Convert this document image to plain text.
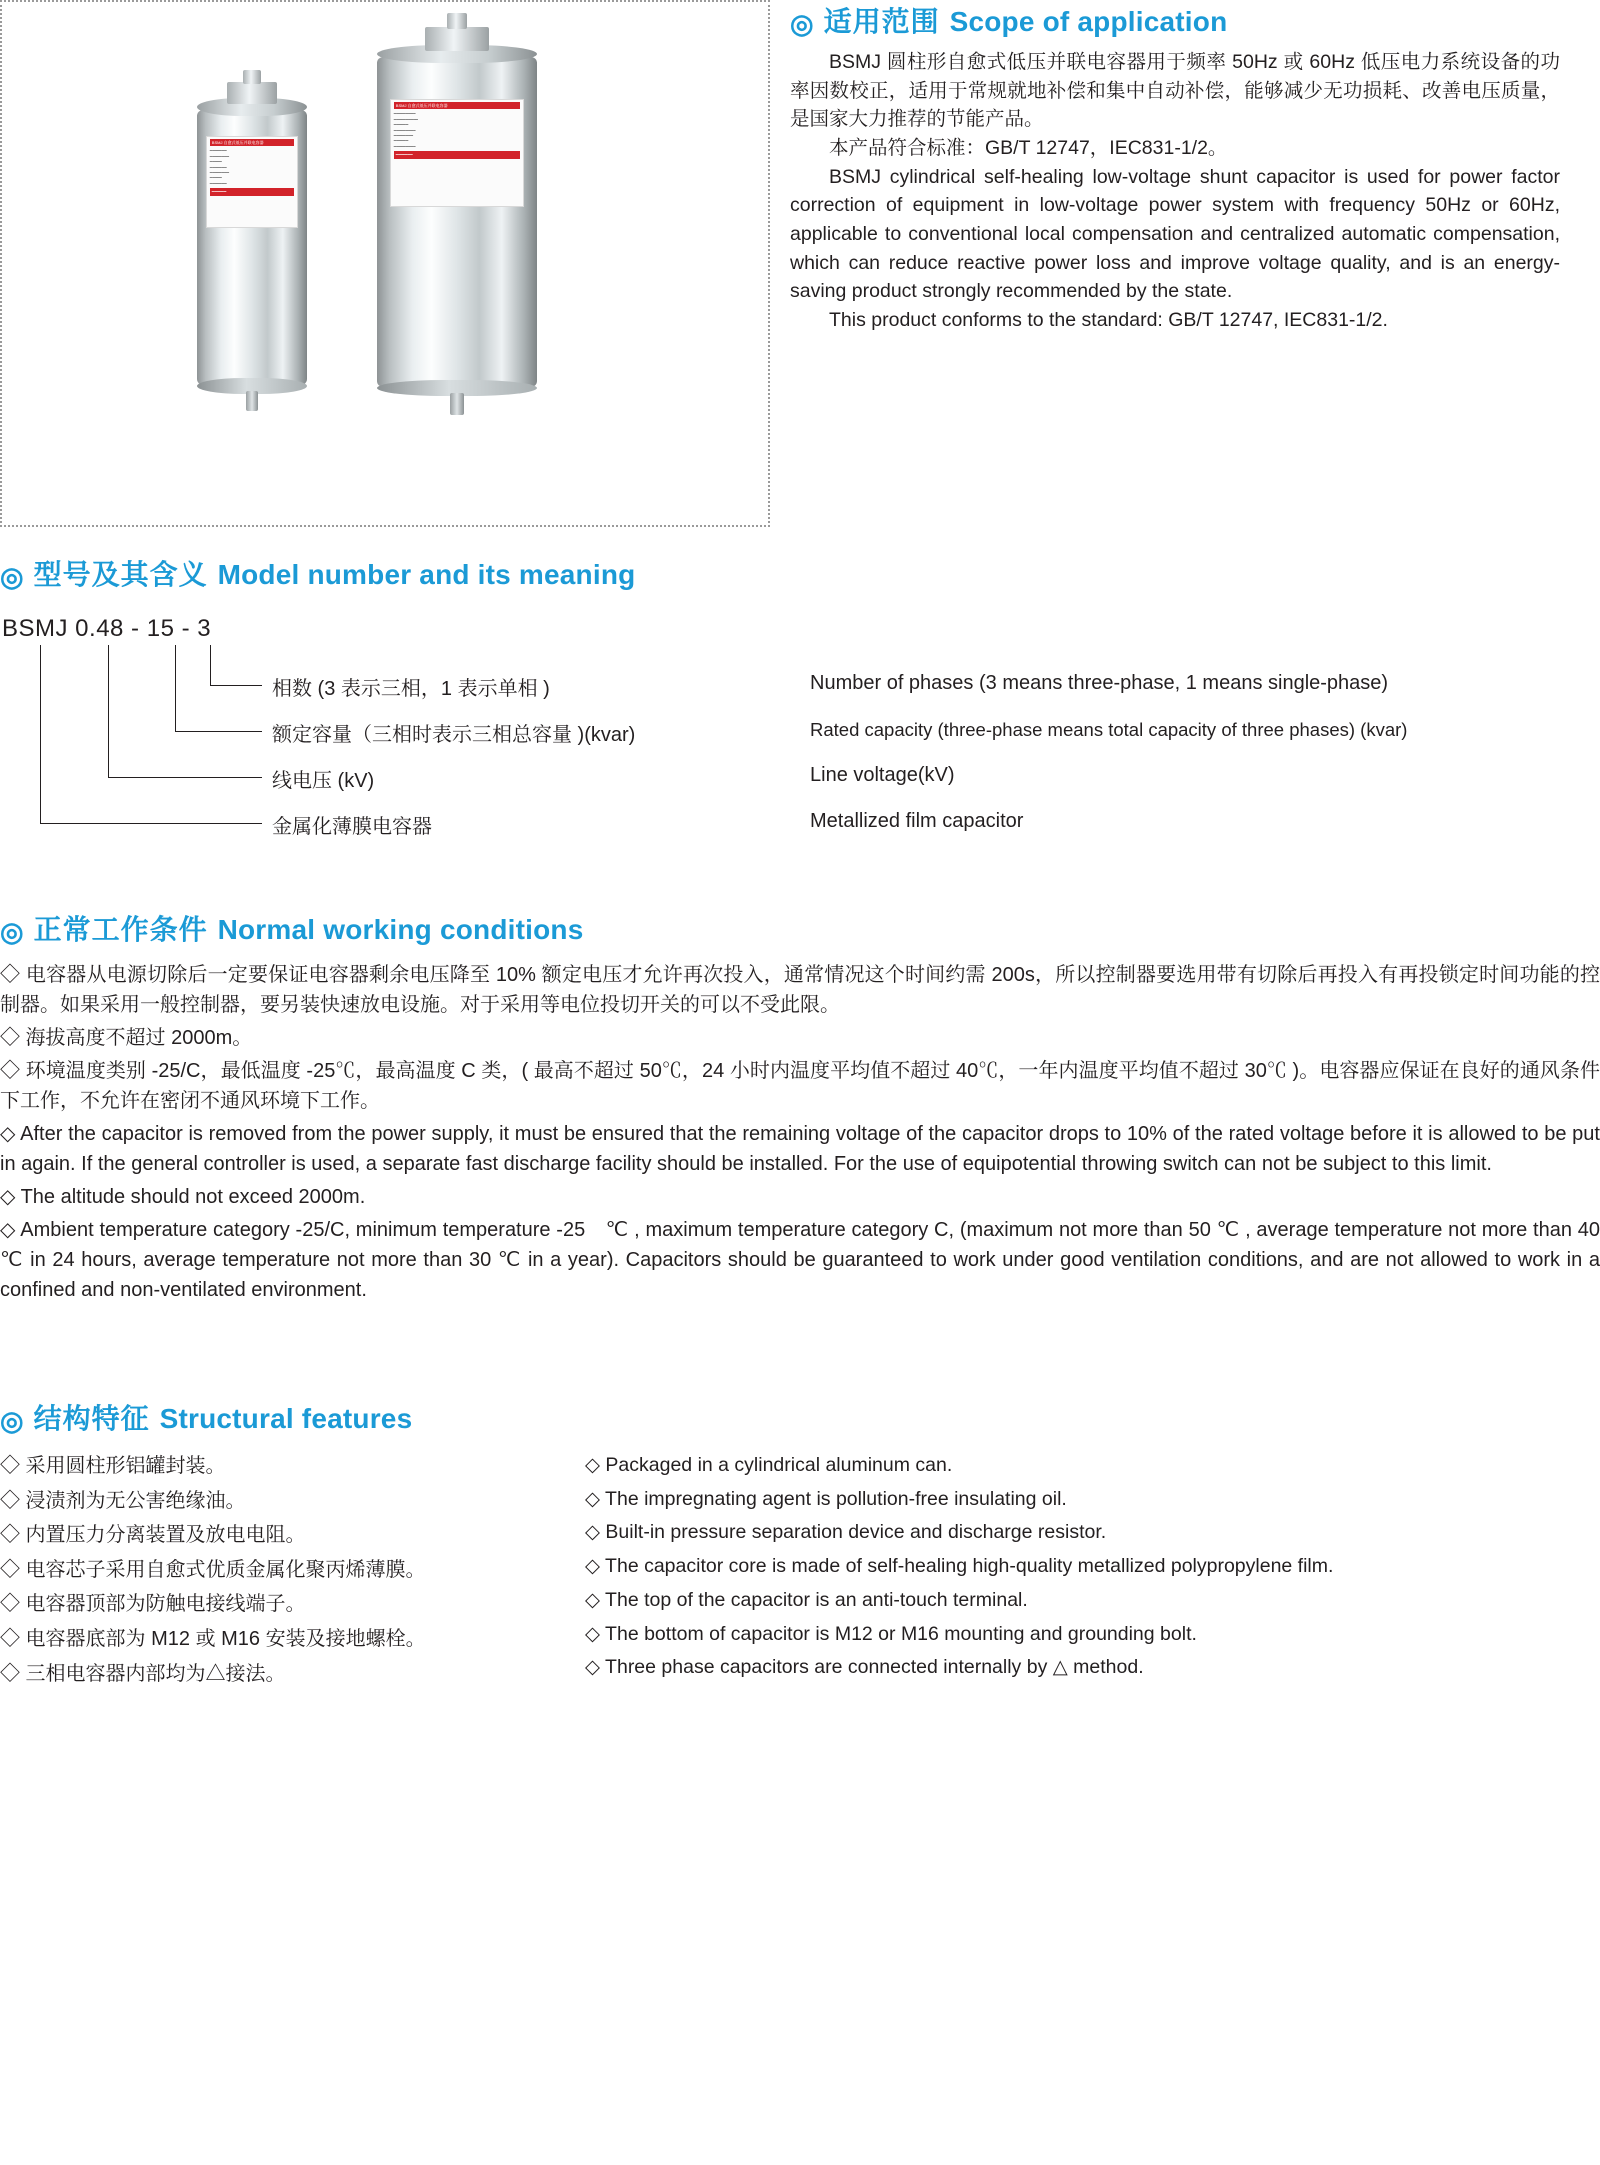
BSMJ 自愈式低压并联电容器
━━━━━━━
━━━━━━━━
━━━━━
━━━━━━━
━━━━━━━━
━━━━━
━━━━━━━
━━━━━━
BSMJ 自愈式低压并联电容器
━━━━━━━━━
━━━━━━━━━━
━━━━━━
━━━━━━━━━
━━━━━━━━
━━━━━━
━━━━━━━━━
━━━━━━━
◎ 适用范围 Scope of application

BSMJ 圆柱形自愈式低压并联电容器用于频率 50Hz 或 60Hz 低压电力系统设备的功率因数校正，适用于常规就地补偿和集中自动补偿，能够减少无功损耗、改善电压质量，是国家大力推荐的节能产品。

本产品符合标准：GB/T 12747，IEC831-1/2。

BSMJ cylindrical self-healing low-voltage shunt capacitor is used for power factor correction of equipment in low-voltage power system with frequency 50Hz or 60Hz, applicable to conventional local compensation and centralized automatic compensation, which can reduce reactive power loss and improve voltage quality, and is an energy-saving product strongly recommended by the state.

This product conforms to the standard: GB/T 12747, IEC831-1/2.

◎ 型号及其含义 Model number and its meaning
BSMJ 0.48 - 15 - 3
相数 (3 表示三相，1 表示单相 )
额定容量（三相时表示三相总容量 )(kvar)
线电压 (kV)
金属化薄膜电容器
Number of phases (3 means three-phase, 1 means single-phase)
Rated capacity (three-phase means total capacity of three phases) (kvar)
Line voltage(kV)
Metallized film capacitor
◎ 正常工作条件 Normal working conditions

◇ 电容器从电源切除后一定要保证电容器剩余电压降至 10% 额定电压才允许再次投入，通常情况这个时间约需 200s，所以控制器要选用带有切除后再投入有再投锁定时间功能的控制器。如果采用一般控制器，要另装快速放电设施。对于采用等电位投切开关的可以不受此限。

◇ 海拔高度不超过 2000m。

◇ 环境温度类别 -25/C，最低温度 -25℃，最高温度 C 类，( 最高不超过 50℃，24 小时内温度平均值不超过 40℃，一年内温度平均值不超过 30℃ )。电容器应保证在良好的通风条件下工作，不允许在密闭不通风环境下工作。

◇ After the capacitor is removed from the power supply, it must be ensured that the remaining voltage of the capacitor drops to 10% of the rated voltage before it is allowed to be put in again. If the general controller is used, a separate fast discharge facility should be installed. For the use of equipotential throwing switch can not be subject to this limit.

◇ The altitude should not exceed 2000m.

◇ Ambient temperature category -25/C, minimum temperature -25　℃ , maximum temperature category C, (maximum not more than 50 ℃ , average temperature not more than 40 ℃ in 24 hours, average temperature not more than 30 ℃ in a year). Capacitors should be guaranteed to work under good ventilation conditions, and are not allowed to work in a confined and non-ventilated environment.

◎ 结构特征 Structural features
◇ 采用圆柱形铝罐封装。
◇ 浸渍剂为无公害绝缘油。
◇ 内置压力分离装置及放电电阻。
◇ 电容芯子采用自愈式优质金属化聚丙烯薄膜。
◇ 电容器顶部为防触电接线端子。
◇ 电容器底部为 M12 或 M16 安装及接地螺栓。
◇ 三相电容器内部均为△接法。
◇ Packaged in a cylindrical aluminum can.
◇ The impregnating agent is pollution-free insulating oil.
◇ Built-in pressure separation device and discharge resistor.
◇ The capacitor core is made of self-healing high-quality metallized polypropylene film.
◇ The top of the capacitor is an anti-touch terminal.
◇ The bottom of capacitor is M12 or M16 mounting and grounding bolt.
◇ Three phase capacitors are connected internally by △ method.
